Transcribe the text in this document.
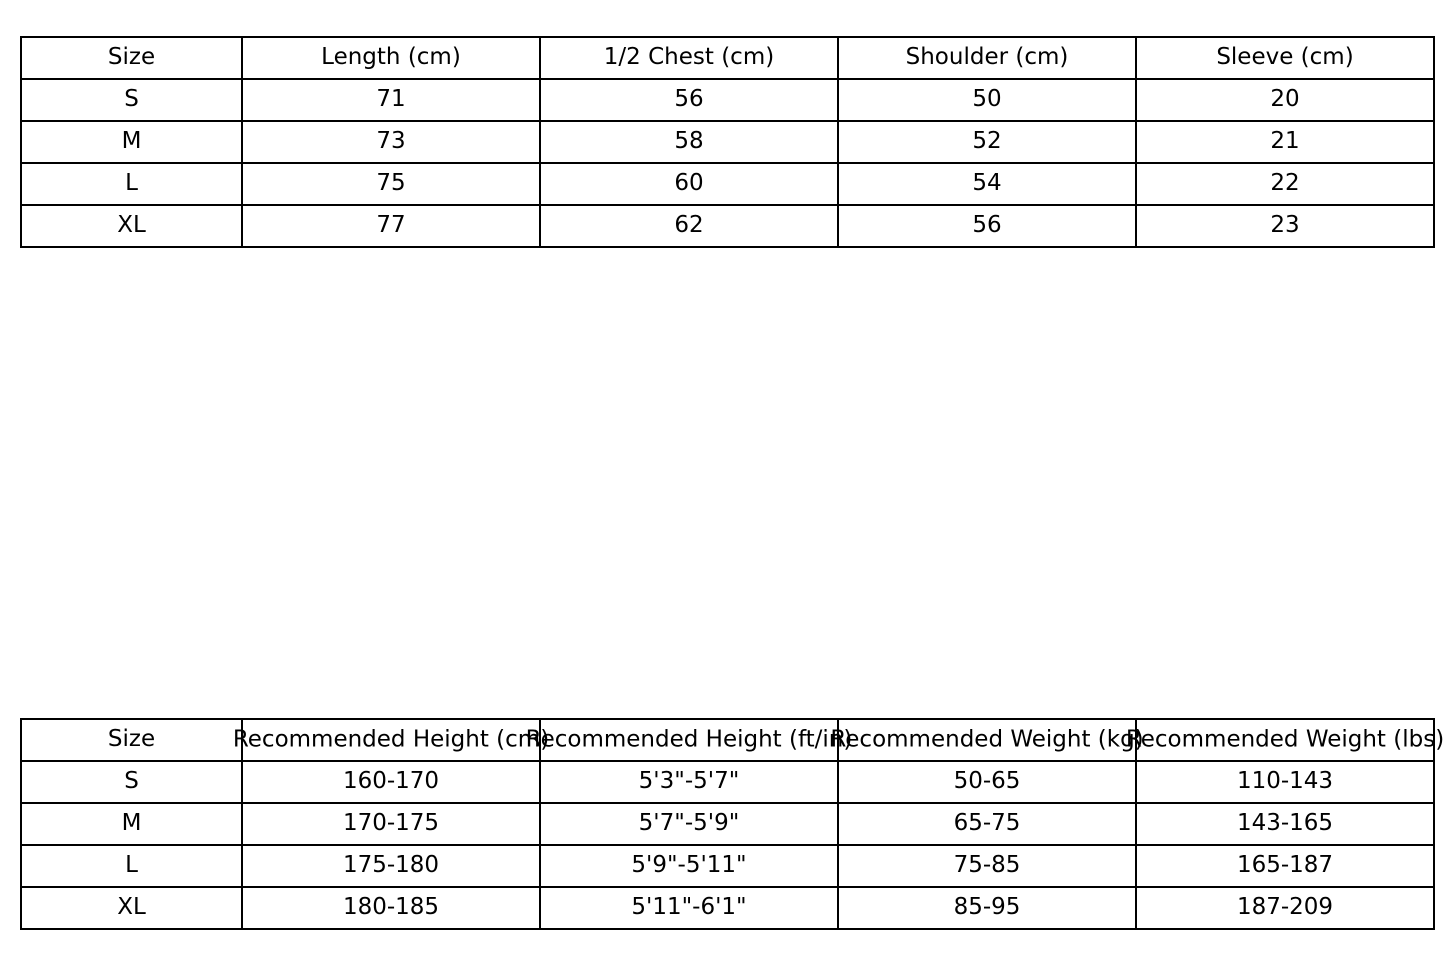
Size	Length (cm)	1/2 Chest (cm)	Shoulder (cm)	Sleeve (cm)
S	71	56	50	20
M	73	58	52	21
L	75	60	54	22
XL	77	62	56	23
Size	Recommended Height (cm)	Recommended Height (ft/in)	Recommended Weight (kg)	Recommended Weight (lbs)

S	160-170	5'3"-5'7"	50-65	110-143
M	170-175	5'7"-5'9"	65-75	143-165
L	175-180	5'9"-5'11"	75-85	165-187
XL	180-185	5'11"-6'1"	85-95	187-209
